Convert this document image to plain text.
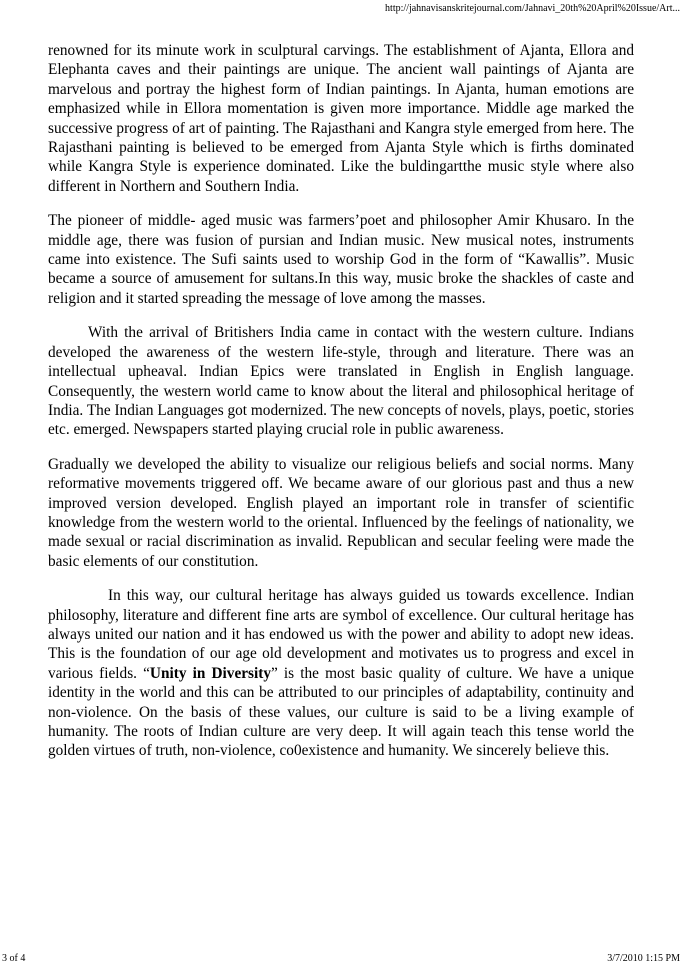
http://jahnavisanskritejournal.com/Jahnavi_20th%20April%20Issue/Art...

renowned for its minute work in sculptural carvings. The establishment of Ajanta, Ellora and Elephanta caves and their paintings are unique. The ancient wall paintings of Ajanta are marvelous and portray the highest form of Indian paintings. In Ajanta, human emotions are emphasized while in Ellora momentation is given more importance. Middle age marked the successive progress of art of painting. The Rajasthani and Kangra style emerged from here. The Rajasthani painting is believed to be emerged from Ajanta Style which is firths dominated while Kangra Style is experience dominated. Like the buldingartthe music style where also different in Northern and Southern India.

The pioneer of middle- aged music was farmers’poet and philosopher Amir Khusaro. In the middle age, there was fusion of pursian and Indian music. New musical notes, instruments came into existence. The Sufi saints used to worship God in the form of “Kawallis”. Music became a source of amusement for sultans.In this way, music broke the shackles of caste and religion and it started spreading the message of love among the masses.

With the arrival of Britishers India came in contact with the western culture. Indians developed the awareness of the western life-style, through and literature. There was an intellectual upheaval. Indian Epics were translated in English in English language. Consequently, the western world came to know about the literal and philosophical heritage of India. The Indian Languages got modernized. The new concepts of novels, plays, poetic, stories etc. emerged. Newspapers started playing crucial role in public awareness.

Gradually we developed the ability to visualize our religious beliefs and social norms. Many reformative movements triggered off. We became aware of our glorious past and thus a new improved version developed. English played an important role in transfer of scientific knowledge from the western world to the oriental. Influenced by the feelings of nationality, we made sexual or racial discrimination as invalid. Republican and secular feeling were made the basic elements of our constitution.

In this way, our cultural heritage has always guided us towards excellence. Indian philosophy, literature and different fine arts are symbol of excellence. Our cultural heritage has always united our nation and it has endowed us with the power and ability to adopt new ideas. This is the foundation of our age old development and motivates us to progress and excel in various fields. “Unity in Diversity” is the most basic quality of culture. We have a unique identity in the world and this can be attributed to our principles of adaptability, continuity and non-violence. On the basis of these values, our culture is said to be a living example of humanity. The roots of Indian culture are very deep. It will again teach this tense world the golden virtues of truth, non-violence, co0existence and humanity. We sincerely believe this.

3 of 4	3/7/2010 1:15 PM
